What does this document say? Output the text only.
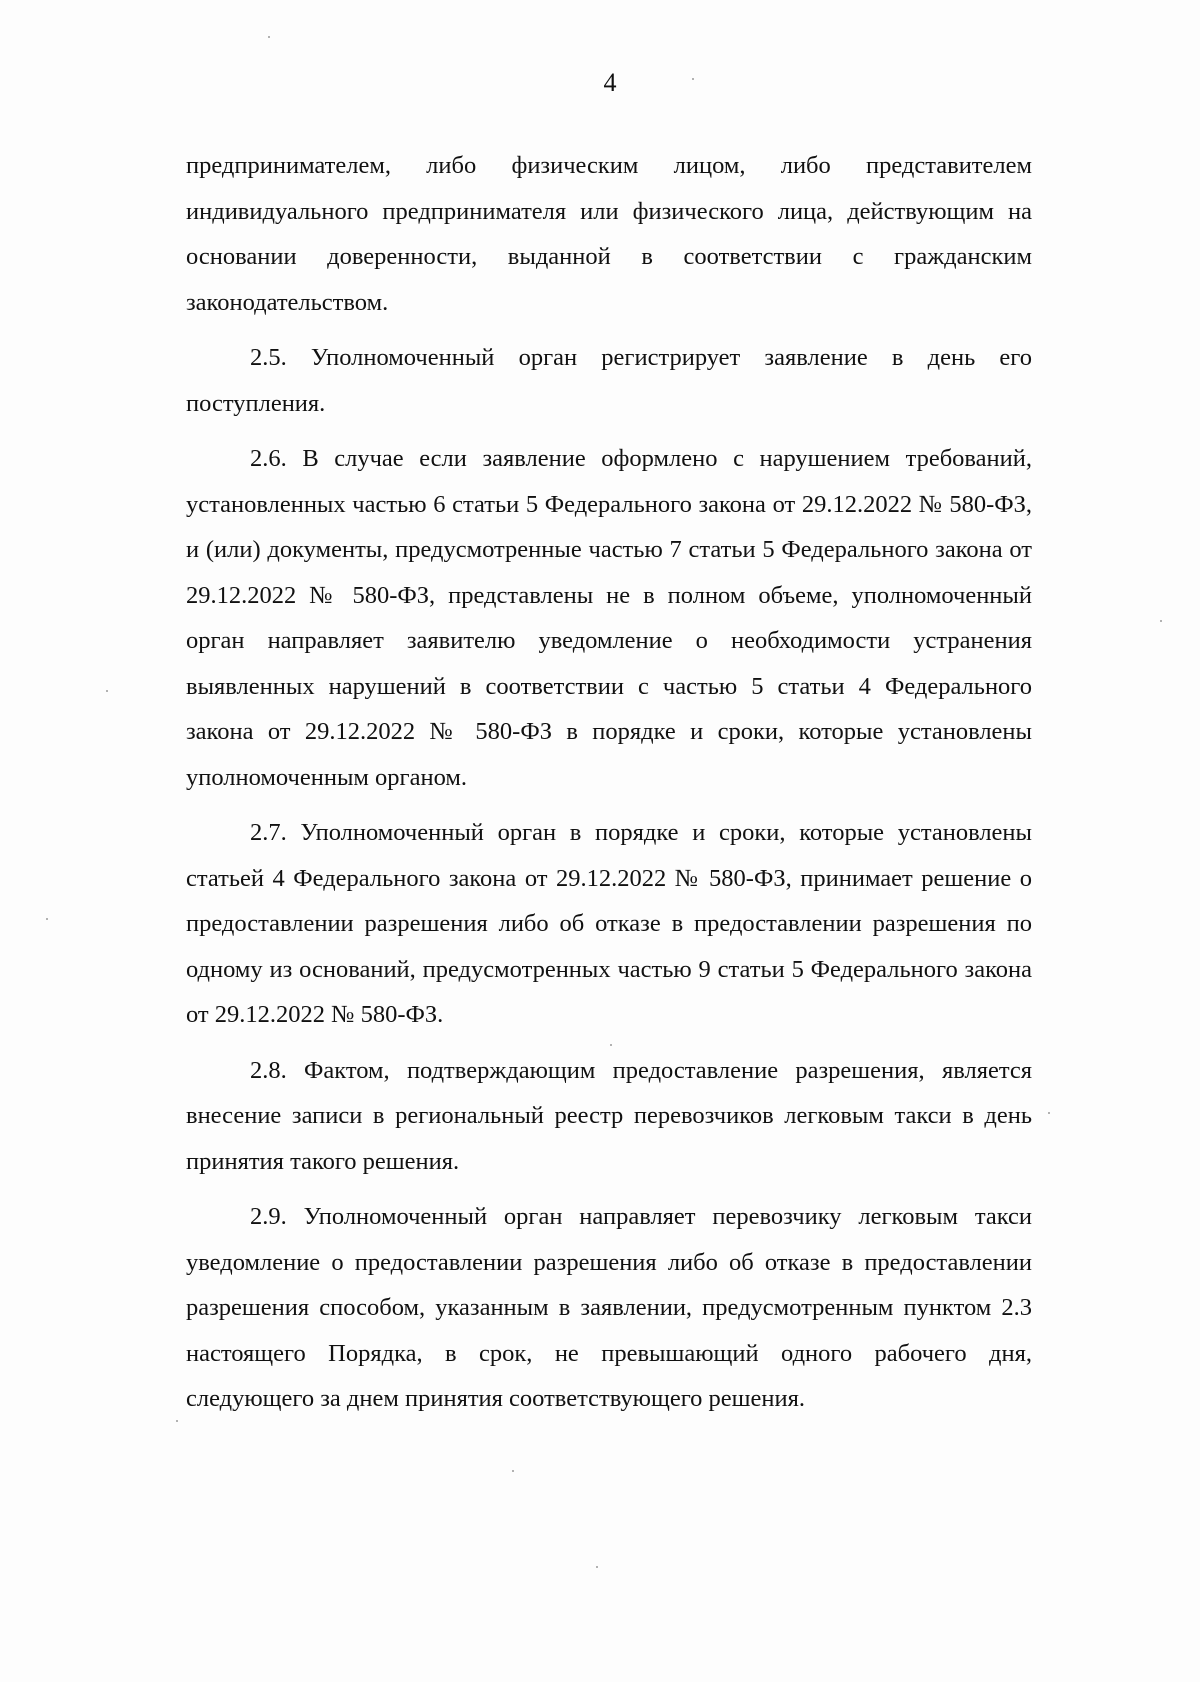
4

предпринимателем, либо физическим лицом, либо представителем индивидуального предпринимателя или физического лица, действующим на основании доверенности, выданной в соответствии с гражданским законодательством.

2.5. Уполномоченный орган регистрирует заявление в день его поступления.

2.6. В случае если заявление оформлено с нарушением требований, установленных частью 6 статьи 5 Федерального закона от 29.12.2022 № 580-ФЗ, и (или) документы, предусмотренные частью 7 статьи 5 Федерального закона от 29.12.2022 № 580-ФЗ, представлены не в полном объеме, уполномоченный орган направляет заявителю уведомление о необходимости устранения выявленных нарушений в соответствии с частью 5 статьи 4 Федерального закона от 29.12.2022 № 580-ФЗ в порядке и сроки, которые установлены уполномоченным органом.

2.7. Уполномоченный орган в порядке и сроки, которые установлены статьей 4 Федерального закона от 29.12.2022 № 580-ФЗ, принимает решение о предоставлении разрешения либо об отказе в предоставлении разрешения по одному из оснований, предусмотренных частью 9 статьи 5 Федерального закона от 29.12.2022 № 580-ФЗ.

2.8. Фактом, подтверждающим предоставление разрешения, является внесение записи в региональный реестр перевозчиков легковым такси в день принятия такого решения.

2.9. Уполномоченный орган направляет перевозчику легковым такси уведомление о предоставлении разрешения либо об отказе в предоставлении разрешения способом, указанным в заявлении, предусмотренным пунктом 2.3 настоящего Порядка, в срок, не превышающий одного рабочего дня, следующего за днем принятия соответствующего решения.
